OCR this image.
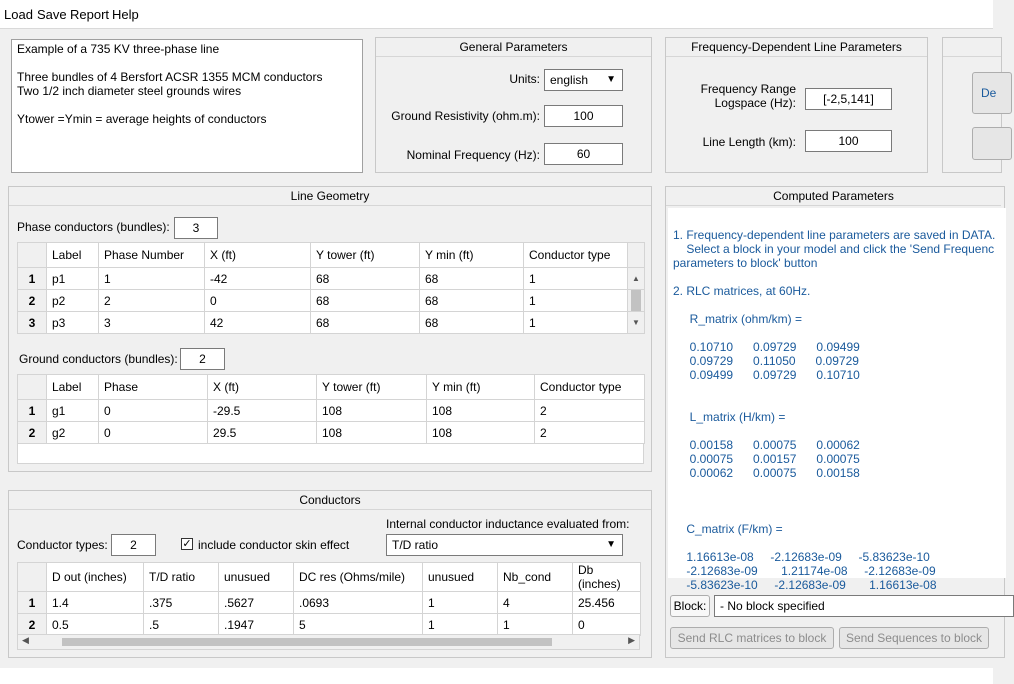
Load Save Report Help
Example of a 735 KV three-phase line
Three bundles of 4 Bersfort ACSR 1355 MCM conductors
Two 1/2 inch diameter steel grounds wires
Ytower =Ymin = average heights of conductors
General Parameters
Units: english ▼
Ground Resistivity (ohm.m):	100
Nominal Frequency (Hz):	60
Frequency-Dependent Line Parameters
Frequency Range
Logspace (Hz):	[-2,5,141]
Line Length (km):	100
De
Line Geometry
Phase conductors (bundles):	3
	Label	Phase Number	X (ft)	Y tower (ft)	Y min (ft)	Conductor type	
1	p1	1	-42	68	68	1	▲
2	p2	2	0	68	68	1	

3	p3	3	42	68	68	1	▼
Ground conductors (bundles):	2
	Label	Phase	X (ft)	Y tower (ft)	Y min (ft)	Conductor type
1	g1	0	-29.5	108	108	2
2	g2	0	29.5	108	108	2
Conductors
Conductor types:	2	✓ include conductor skin effect
Internal conductor inductance evaluated from:
T/D ratio	▼
	D out (inches)	T/D ratio	unusued	DC res (Ohms/mile)	unusued	Nb_cond	Db (inches)
1	1.4	.375	.5627	.0693	1	4	25.456
2	0.5	.5	.1947	5	1	1	0
◀	▶
Computed Parameters
1. Frequency-dependent line parameters are saved in DATA.
Select a block in your model and click the 'Send Frequenc
parameters to block' button

2. RLC matrices, at 60Hz.

R_matrix (ohm/km) =

0.10710      0.09729      0.09499
0.09729      0.11050      0.09729
0.09499      0.09729      0.10710

L_matrix (H/km) =

0.00158      0.00075      0.00062
0.00075      0.00157      0.00075
0.00062      0.00075      0.00158

C_matrix (F/km) =

1.16613e-08     -2.12683e-09     -5.83623e-10
-2.12683e-09       1.21174e-08     -2.12683e-09
-5.83623e-10     -2.12683e-09       1.16613e-08
Block:	- No block specified
Send RLC matrices to block	Send Sequences to block
